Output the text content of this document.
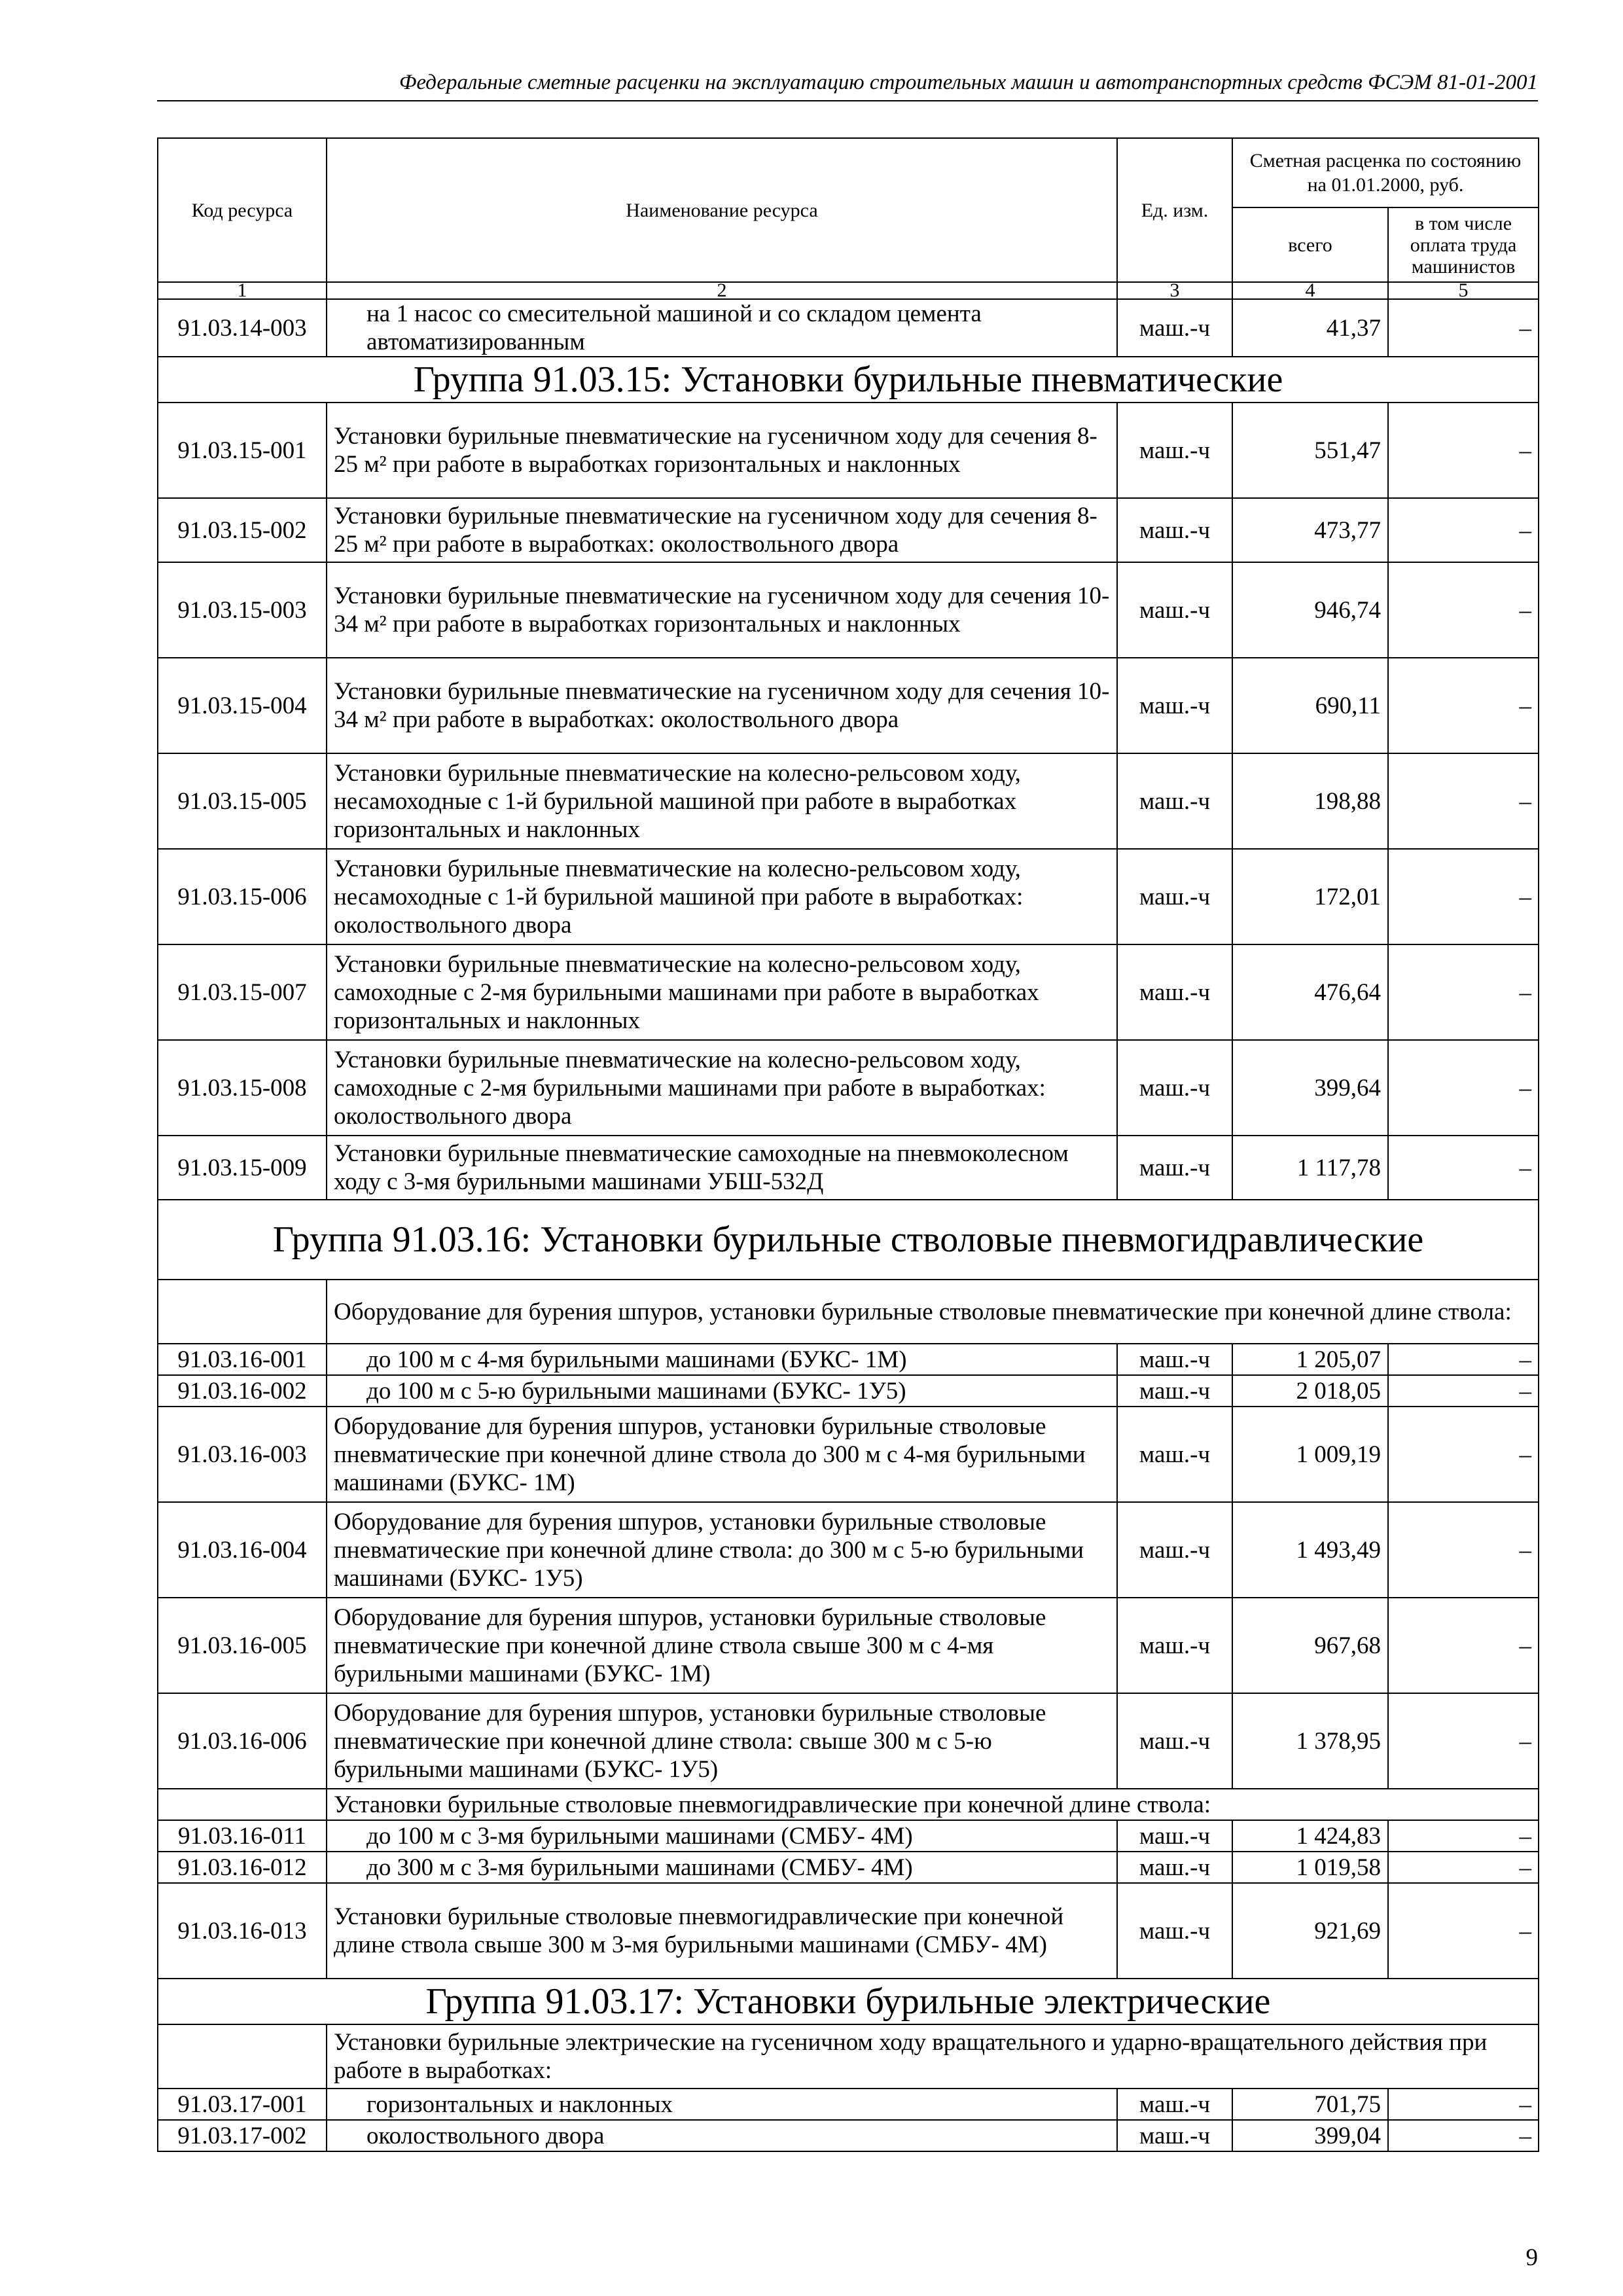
Федеральные сметные расценки на эксплуатацию строительных машин и автотранспортных средств ФСЭМ 81-01-2001
Код ресурса	Наименование ресурса	Ед. изм.	Сметная расценка по состоянию на 01.01.2000, руб.	
			всего	в том числе оплата труда машинистов
1	2	3	4	5
91.03.14-003	на 1 насос со смесительной машиной и со складом цемента автоматизированным	маш.-ч	41,37	–
Группа 91.03.15: Установки бурильные пневматические				
91.03.15-001	Установки бурильные пневматические на гусеничном ходу для сечения 8-25 м² при работе в выработках горизонтальных и наклонных	маш.-ч	551,47	–
91.03.15-002	Установки бурильные пневматические на гусеничном ходу для сечения 8-25 м² при работе в выработках: околоствольного двора	маш.-ч	473,77	–
91.03.15-003	Установки бурильные пневматические на гусеничном ходу для сечения 10-34 м² при работе в выработках горизонтальных и наклонных	маш.-ч	946,74	–
91.03.15-004	Установки бурильные пневматические на гусеничном ходу для сечения 10-34 м² при работе в выработках: околоствольного двора	маш.-ч	690,11	–
91.03.15-005	Установки бурильные пневматические на колесно-рельсовом ходу, несамоходные с 1-й бурильной машиной при работе в выработках горизонтальных и наклонных	маш.-ч	198,88	–
91.03.15-006	Установки бурильные пневматические на колесно-рельсовом ходу, несамоходные с 1-й бурильной машиной при работе в выработках: околоствольного двора	маш.-ч	172,01	–
91.03.15-007	Установки бурильные пневматические на колесно-рельсовом ходу, самоходные с 2-мя бурильными машинами при работе в выработках горизонтальных и наклонных	маш.-ч	476,64	–
91.03.15-008	Установки бурильные пневматические на колесно-рельсовом ходу, самоходные с 2-мя бурильными машинами при работе в выработках: околоствольного двора	маш.-ч	399,64	–
91.03.15-009	Установки бурильные пневматические самоходные на пневмоколесном ходу с 3-мя бурильными машинами УБШ-532Д	маш.-ч	1 117,78	–
Группа 91.03.16: Установки бурильные стволовые пневмогидравлические				
	Оборудование для бурения шпуров, установки бурильные стволовые пневматические при конечной длине ствола:			
91.03.16-001	до 100 м с 4-мя бурильными машинами (БУКС- 1М)	маш.-ч	1 205,07	–
91.03.16-002	до 100 м с 5-ю бурильными машинами (БУКС- 1У5)	маш.-ч	2 018,05	–
91.03.16-003	Оборудование для бурения шпуров, установки бурильные стволовые пневматические при конечной длине ствола до 300 м с 4-мя бурильными машинами (БУКС- 1М)	маш.-ч	1 009,19	–
91.03.16-004	Оборудование для бурения шпуров, установки бурильные стволовые пневматические при конечной длине ствола: до 300 м с 5-ю бурильными машинами (БУКС- 1У5)	маш.-ч	1 493,49	–
91.03.16-005	Оборудование для бурения шпуров, установки бурильные стволовые пневматические при конечной длине ствола свыше 300 м с 4-мя бурильными машинами (БУКС- 1М)	маш.-ч	967,68	–
91.03.16-006	Оборудование для бурения шпуров, установки бурильные стволовые пневматические при конечной длине ствола: свыше 300 м с 5-ю бурильными машинами (БУКС- 1У5)	маш.-ч	1 378,95	–
	Установки бурильные стволовые пневмогидравлические при конечной длине ствола:			
91.03.16-011	до 100 м с 3-мя бурильными машинами (СМБУ- 4М)	маш.-ч	1 424,83	–
91.03.16-012	до 300 м с 3-мя бурильными машинами (СМБУ- 4М)	маш.-ч	1 019,58	–
91.03.16-013	Установки бурильные стволовые пневмогидравлические при конечной длине ствола свыше 300 м 3-мя бурильными машинами (СМБУ- 4М)	маш.-ч	921,69	–
Группа 91.03.17: Установки бурильные электрические				
	Установки бурильные электрические на гусеничном ходу вращательного и ударно-вращательного действия при работе в выработках:			
91.03.17-001	горизонтальных и наклонных	маш.-ч	701,75	–
91.03.17-002	околоствольного двора	маш.-ч	399,04	–
9
